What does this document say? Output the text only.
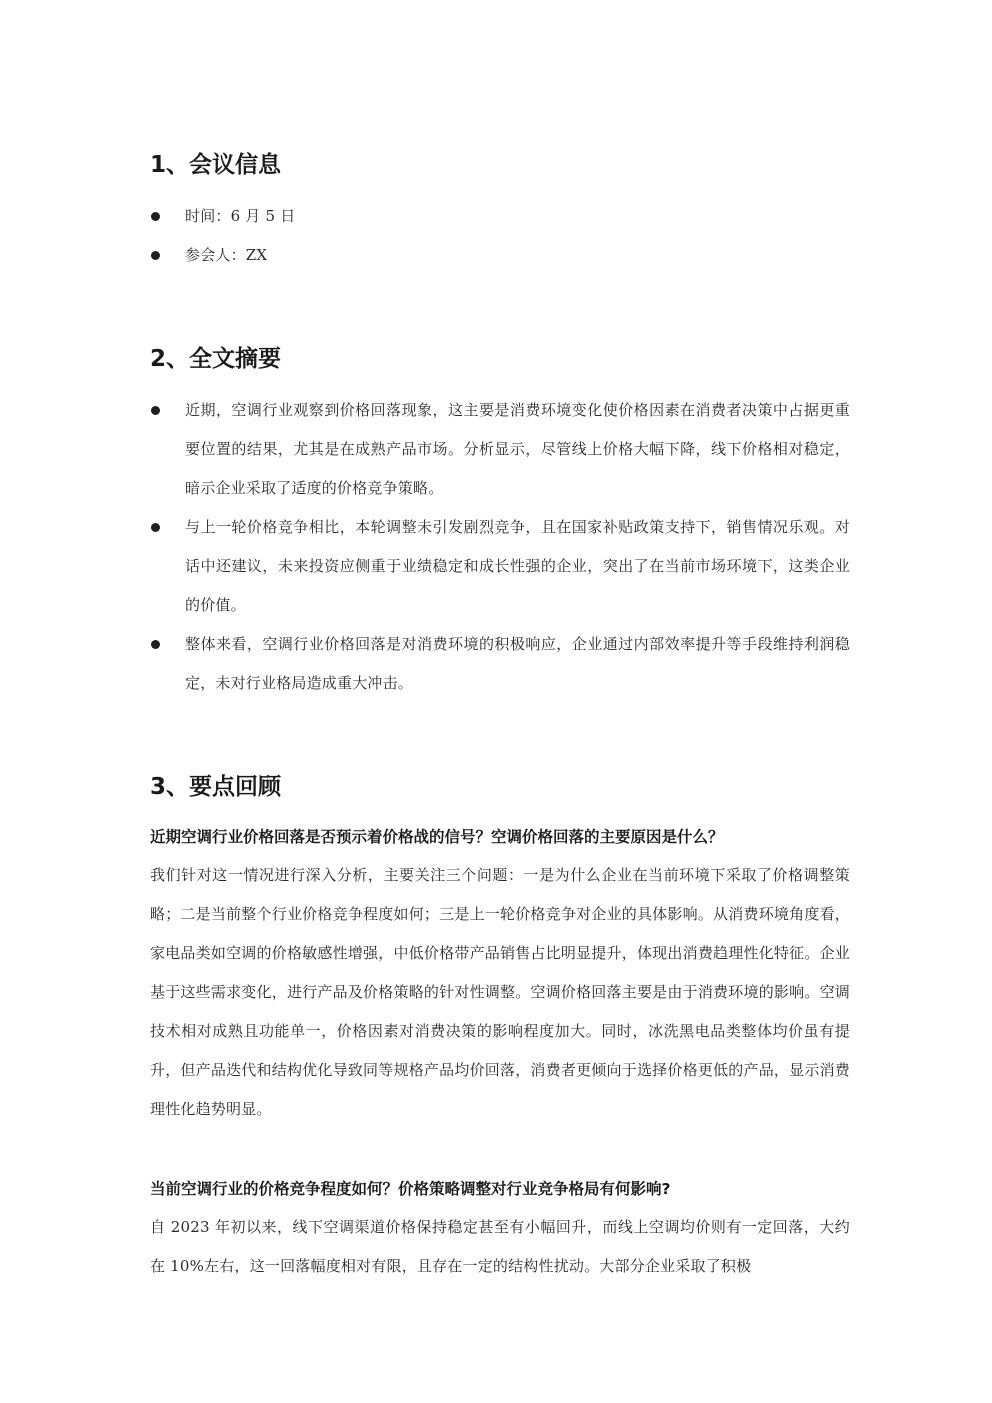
1、会议信息
时间：6 月 5 日
参会人：ZX
2、全文摘要
近期，空调行业观察到价格回落现象，这主要是消费环境变化使价格因素在消费者决策中占据更重要位置的结果，尤其是在成熟产品市场。分析显示，尽管线上价格大幅下降，线下价格相对稳定，暗示企业采取了适度的价格竞争策略。
与上一轮价格竞争相比，本轮调整未引发剧烈竞争，且在国家补贴政策支持下，销售情况乐观。对话中还建议，未来投资应侧重于业绩稳定和成长性强的企业，突出了在当前市场环境下，这类企业的价值。
整体来看，空调行业价格回落是对消费环境的积极响应，企业通过内部效率提升等手段维持利润稳定，未对行业格局造成重大冲击。
3、要点回顾

近期空调行业价格回落是否预示着价格战的信号？空调价格回落的主要原因是什么？

我们针对这一情况进行深入分析，主要关注三个问题：一是为什么企业在当前环境下采取了价格调整策略；二是当前整个行业价格竞争程度如何；三是上一轮价格竞争对企业的具体影响。从消费环境角度看，家电品类如空调的价格敏感性增强，中低价格带产品销售占比明显提升，体现出消费趋理性化特征。企业基于这些需求变化，进行产品及价格策略的针对性调整。空调价格回落主要是由于消费环境的影响。空调技术相对成熟且功能单一，价格因素对消费决策的影响程度加大。同时，冰洗黑电品类整体均价虽有提升，但产品迭代和结构优化导致同等规格产品均价回落，消费者更倾向于选择价格更低的产品，显示消费理性化趋势明显。

当前空调行业的价格竞争程度如何？价格策略调整对行业竞争格局有何影响?

自 2023 年初以来，线下空调渠道价格保持稳定甚至有小幅回升，而线上空调均价则有一定回落，大约在 10%左右，这一回落幅度相对有限，且存在一定的结构性扰动。大部分企业采取了积极
